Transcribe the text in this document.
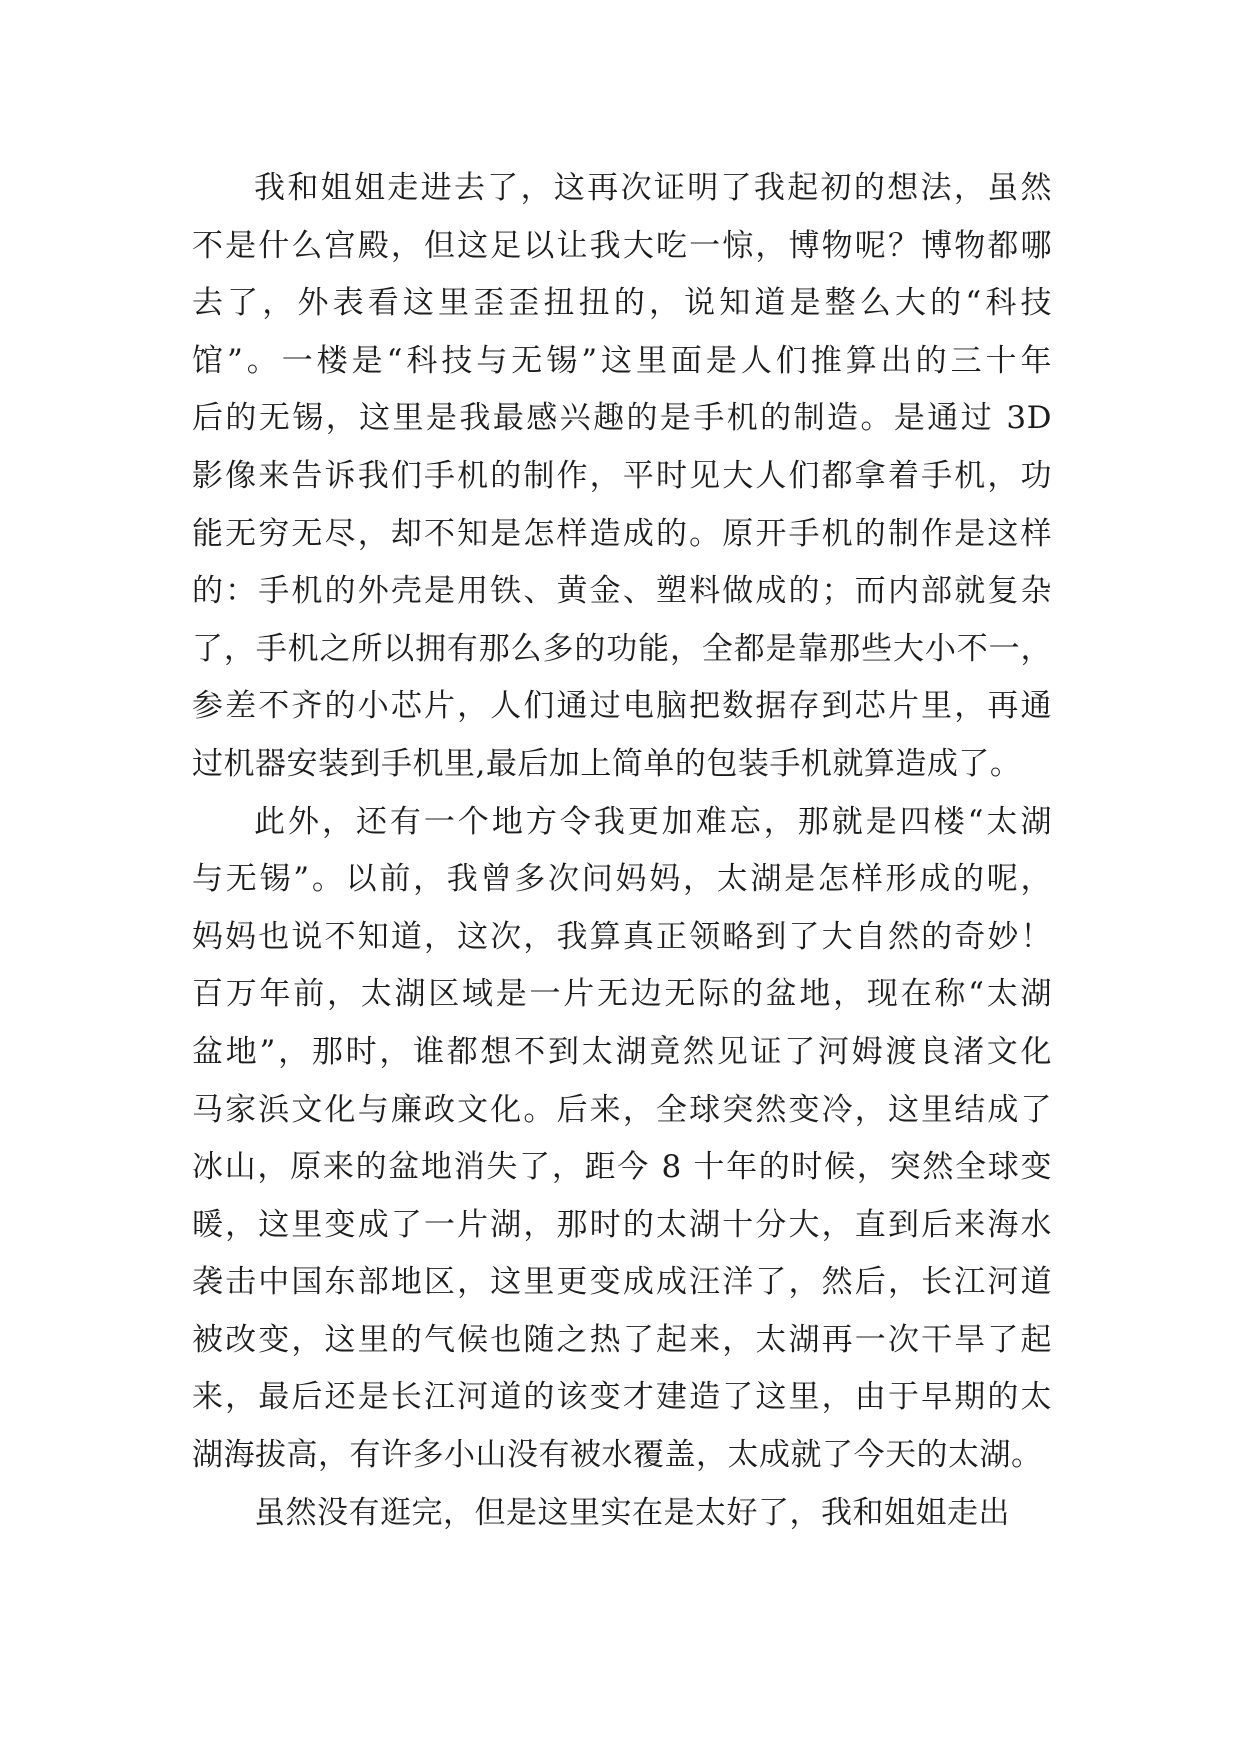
我和姐姐走进去了，这再次证明了我起初的想法，虽然
不是什么宫殿，但这足以让我大吃一惊，博物呢？博物都哪
去了，外表看这里歪歪扭扭的，说知道是整么大的“科技
馆”。一楼是“科技与无锡”这里面是人们推算出的三十年
后的无锡，这里是我最感兴趣的是手机的制造。是通过 3D
影像来告诉我们手机的制作，平时见大人们都拿着手机，功
能无穷无尽，却不知是怎样造成的。原开手机的制作是这样
的：手机的外壳是用铁、黄金、塑料做成的；而内部就复杂
了，手机之所以拥有那么多的功能，全都是靠那些大小不一，
参差不齐的小芯片，人们通过电脑把数据存到芯片里，再通
过机器安装到手机里,最后加上简单的包装手机就算造成了。
此外，还有一个地方令我更加难忘，那就是四楼“太湖
与无锡”。以前，我曾多次问妈妈，太湖是怎样形成的呢，
妈妈也说不知道，这次，我算真正领略到了大自然的奇妙！
百万年前，太湖区域是一片无边无际的盆地，现在称“太湖
盆地”，那时，谁都想不到太湖竟然见证了河姆渡良渚文化
马家浜文化与廉政文化。后来，全球突然变冷，这里结成了
冰山，原来的盆地消失了，距今 8 十年的时候，突然全球变
暖，这里变成了一片湖，那时的太湖十分大，直到后来海水
袭击中国东部地区，这里更变成成汪洋了，然后，长江河道
被改变，这里的气候也随之热了起来，太湖再一次干旱了起
来，最后还是长江河道的该变才建造了这里，由于早期的太
湖海拔高，有许多小山没有被水覆盖，太成就了今天的太湖。
虽然没有逛完，但是这里实在是太好了，我和姐姐走出
